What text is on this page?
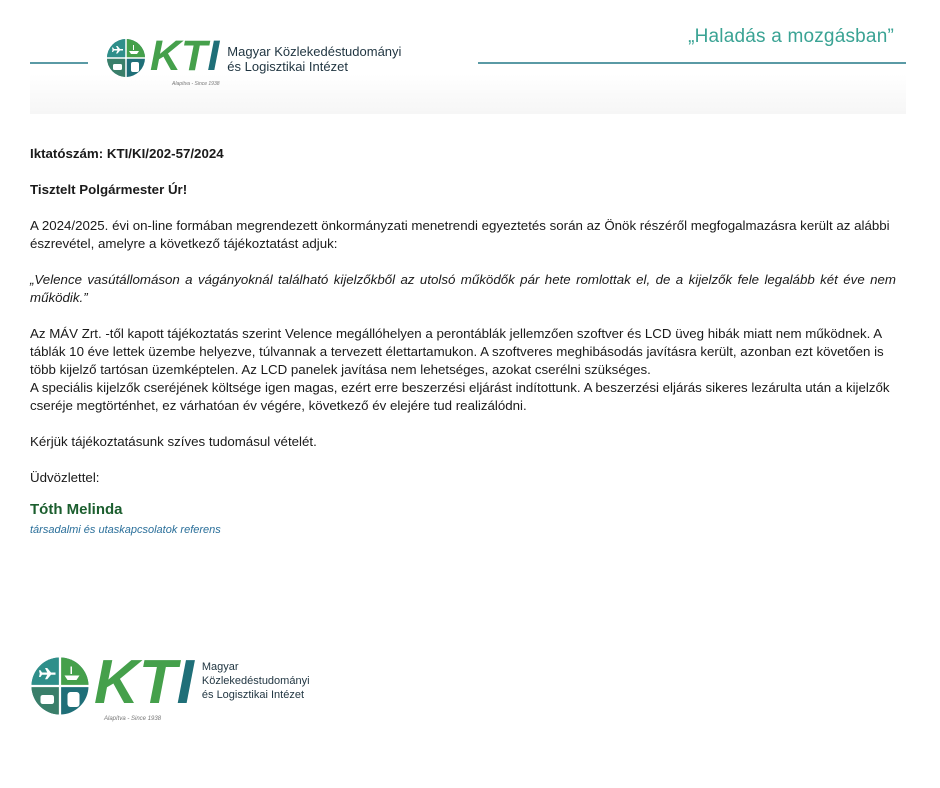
„Haladás a mozgásban”
KTI Magyar Közlekedéstudományi
és Logisztikai Intézet
Alapítva - Since 1938

Iktatószám: KTI/KI/202-57/2024

Tisztelt Polgármester Úr!

A 2024/2025. évi on-line formában megrendezett önkormányzati menetrendi egyeztetés során az Önök részéről megfogalmazásra került az alábbi észrevétel, amelyre a következő tájékoztatást adjuk:

„Velence vasútállomáson a vágányoknál található kijelzőkből az utolsó működők pár hete romlottak el, de a kijelzők fele legalább két éve nem működik.”

Az MÁV Zrt. -től kapott tájékoztatás szerint Velence megállóhelyen a perontáblák jellemzően szoftver és LCD üveg hibák miatt nem működnek. A táblák 10 éve lettek üzembe helyezve, túlvannak a tervezett élettartamukon. A szoftveres meghibásodás javításra került, azonban ezt követően is több kijelző tartósan üzemképtelen. Az LCD panelek javítása nem lehetséges, azokat cserélni szükséges.

A speciális kijelzők cseréjének költsége igen magas, ezért erre beszerzési eljárást indítottunk. A beszerzési eljárás sikeres lezárulta után a kijelzők cseréje megtörténhet, ez várhatóan év végére, következő év elejére tud realizálódni.

Kérjük tájékoztatásunk szíves tudomásul vételét.

Üdvözlettel:

Tóth Melinda

társadalmi és utaskapcsolatok referens

KTI Magyar
Közlekedéstudományi
és Logisztikai Intézet
Alapítva - Since 1938
